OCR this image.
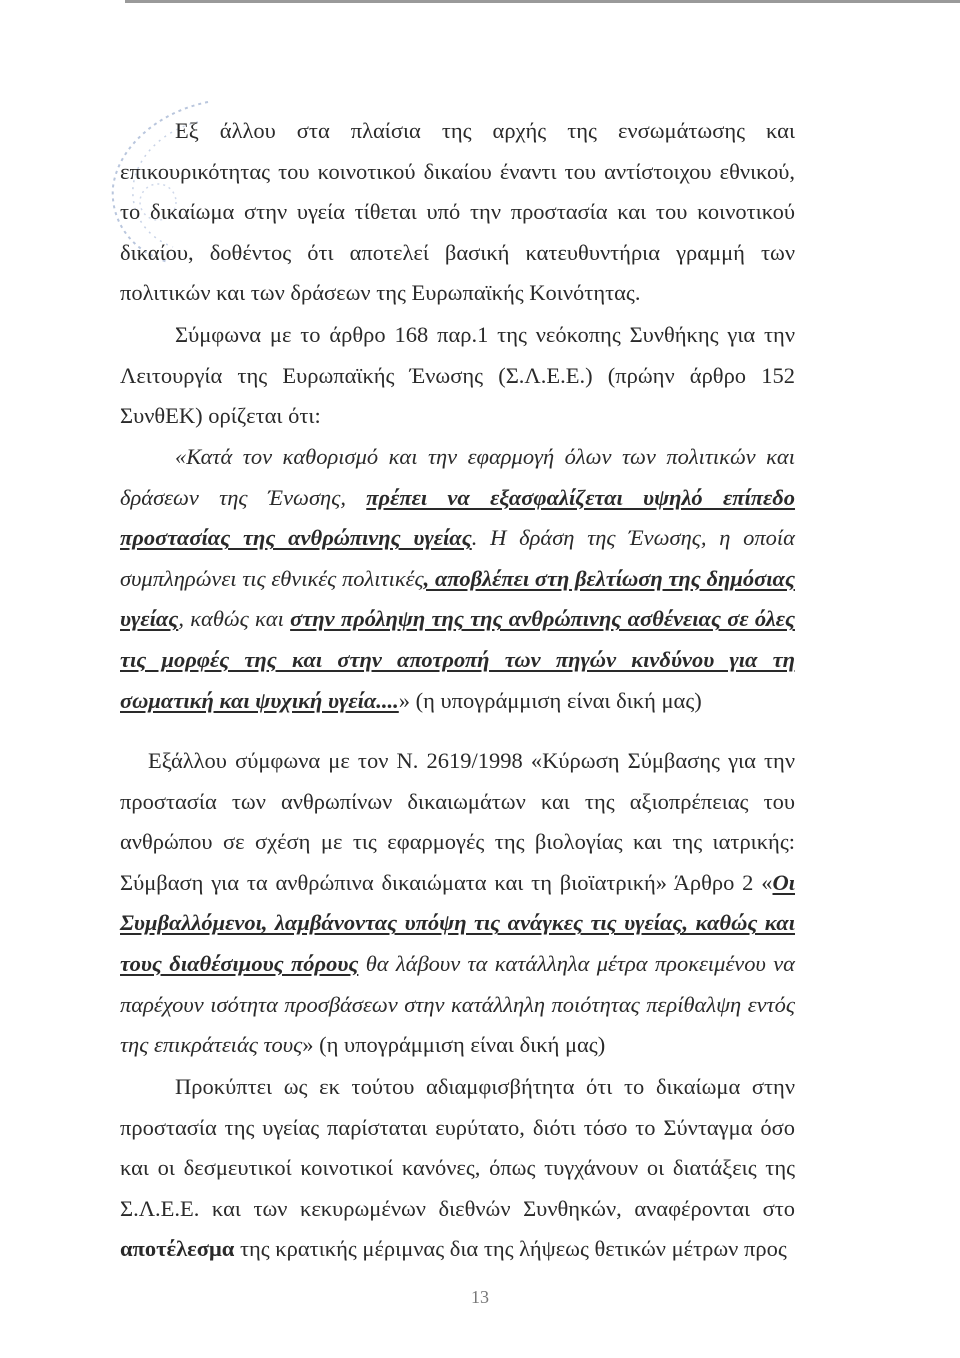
Εξ άλλου στα πλαίσια της αρχής της ενσωμάτωσης και επικουρικότητας του κοινοτικού δικαίου έναντι του αντίστοιχου εθνικού, το δικαίωμα στην υγεία τίθεται υπό την προστασία και του κοινοτικού δικαίου, δοθέντος ότι αποτελεί βασική κατευθυντήρια γραμμή των πολιτικών και των δράσεων της Ευρωπαϊκής Κοινότητας.
Σύμφωνα με το άρθρο 168 παρ.1 της νεόκοπης Συνθήκης για την Λειτουργία της Ευρωπαϊκής Ένωσης (Σ.Λ.Ε.Ε.) (πρώην άρθρο 152 ΣυνθΕΚ) ορίζεται ότι:
«Κατά τον καθορισμό και την εφαρμογή όλων των πολιτικών και δράσεων της Ένωσης, πρέπει να εξασφαλίζεται υψηλό επίπεδο προστασίας της ανθρώπινης υγείας. Η δράση της Ένωσης, η οποία συμπληρώνει τις εθνικές πολιτικές, αποβλέπει στη βελτίωση της δημόσιας υγείας, καθώς και στην πρόληψη της της ανθρώπινης ασθένειας σε όλες τις μορφές της και στην αποτροπή των πηγών κινδύνου για τη σωματική και ψυχική υγεία....» (η υπογράμμιση είναι δική μας)
Εξάλλου σύμφωνα με τον Ν. 2619/1998 «Κύρωση Σύμβασης για την προστασία των ανθρωπίνων δικαιωμάτων και της αξιοπρέπειας του ανθρώπου σε σχέση με τις εφαρμογές της βιολογίας και της ιατρικής: Σύμβαση για τα ανθρώπινα δικαιώματα και τη βιοϊατρική» Άρθρο 2 «Οι Συμβαλλόμενοι, λαμβάνοντας υπόψη τις ανάγκες τις υγείας, καθώς και τους διαθέσιμους πόρους θα λάβουν τα κατάλληλα μέτρα προκειμένου να παρέχουν ισότητα προσβάσεων στην κατάλληλη ποιότητας περίθαλψη εντός της επικράτειάς τους» (η υπογράμμιση είναι δική μας)
Προκύπτει ως εκ τούτου αδιαμφισβήτητα ότι το δικαίωμα στην προστασία της υγείας παρίσταται ευρύτατο, διότι τόσο το Σύνταγμα όσο και οι δεσμευτικοί κοινοτικοί κανόνες, όπως τυγχάνουν οι διατάξεις της Σ.Λ.Ε.Ε. και των κεκυρωμένων διεθνών Συνθηκών, αναφέρονται στο αποτέλεσμα της κρατικής μέριμνας δια της λήψεως θετικών μέτρων προς
13
